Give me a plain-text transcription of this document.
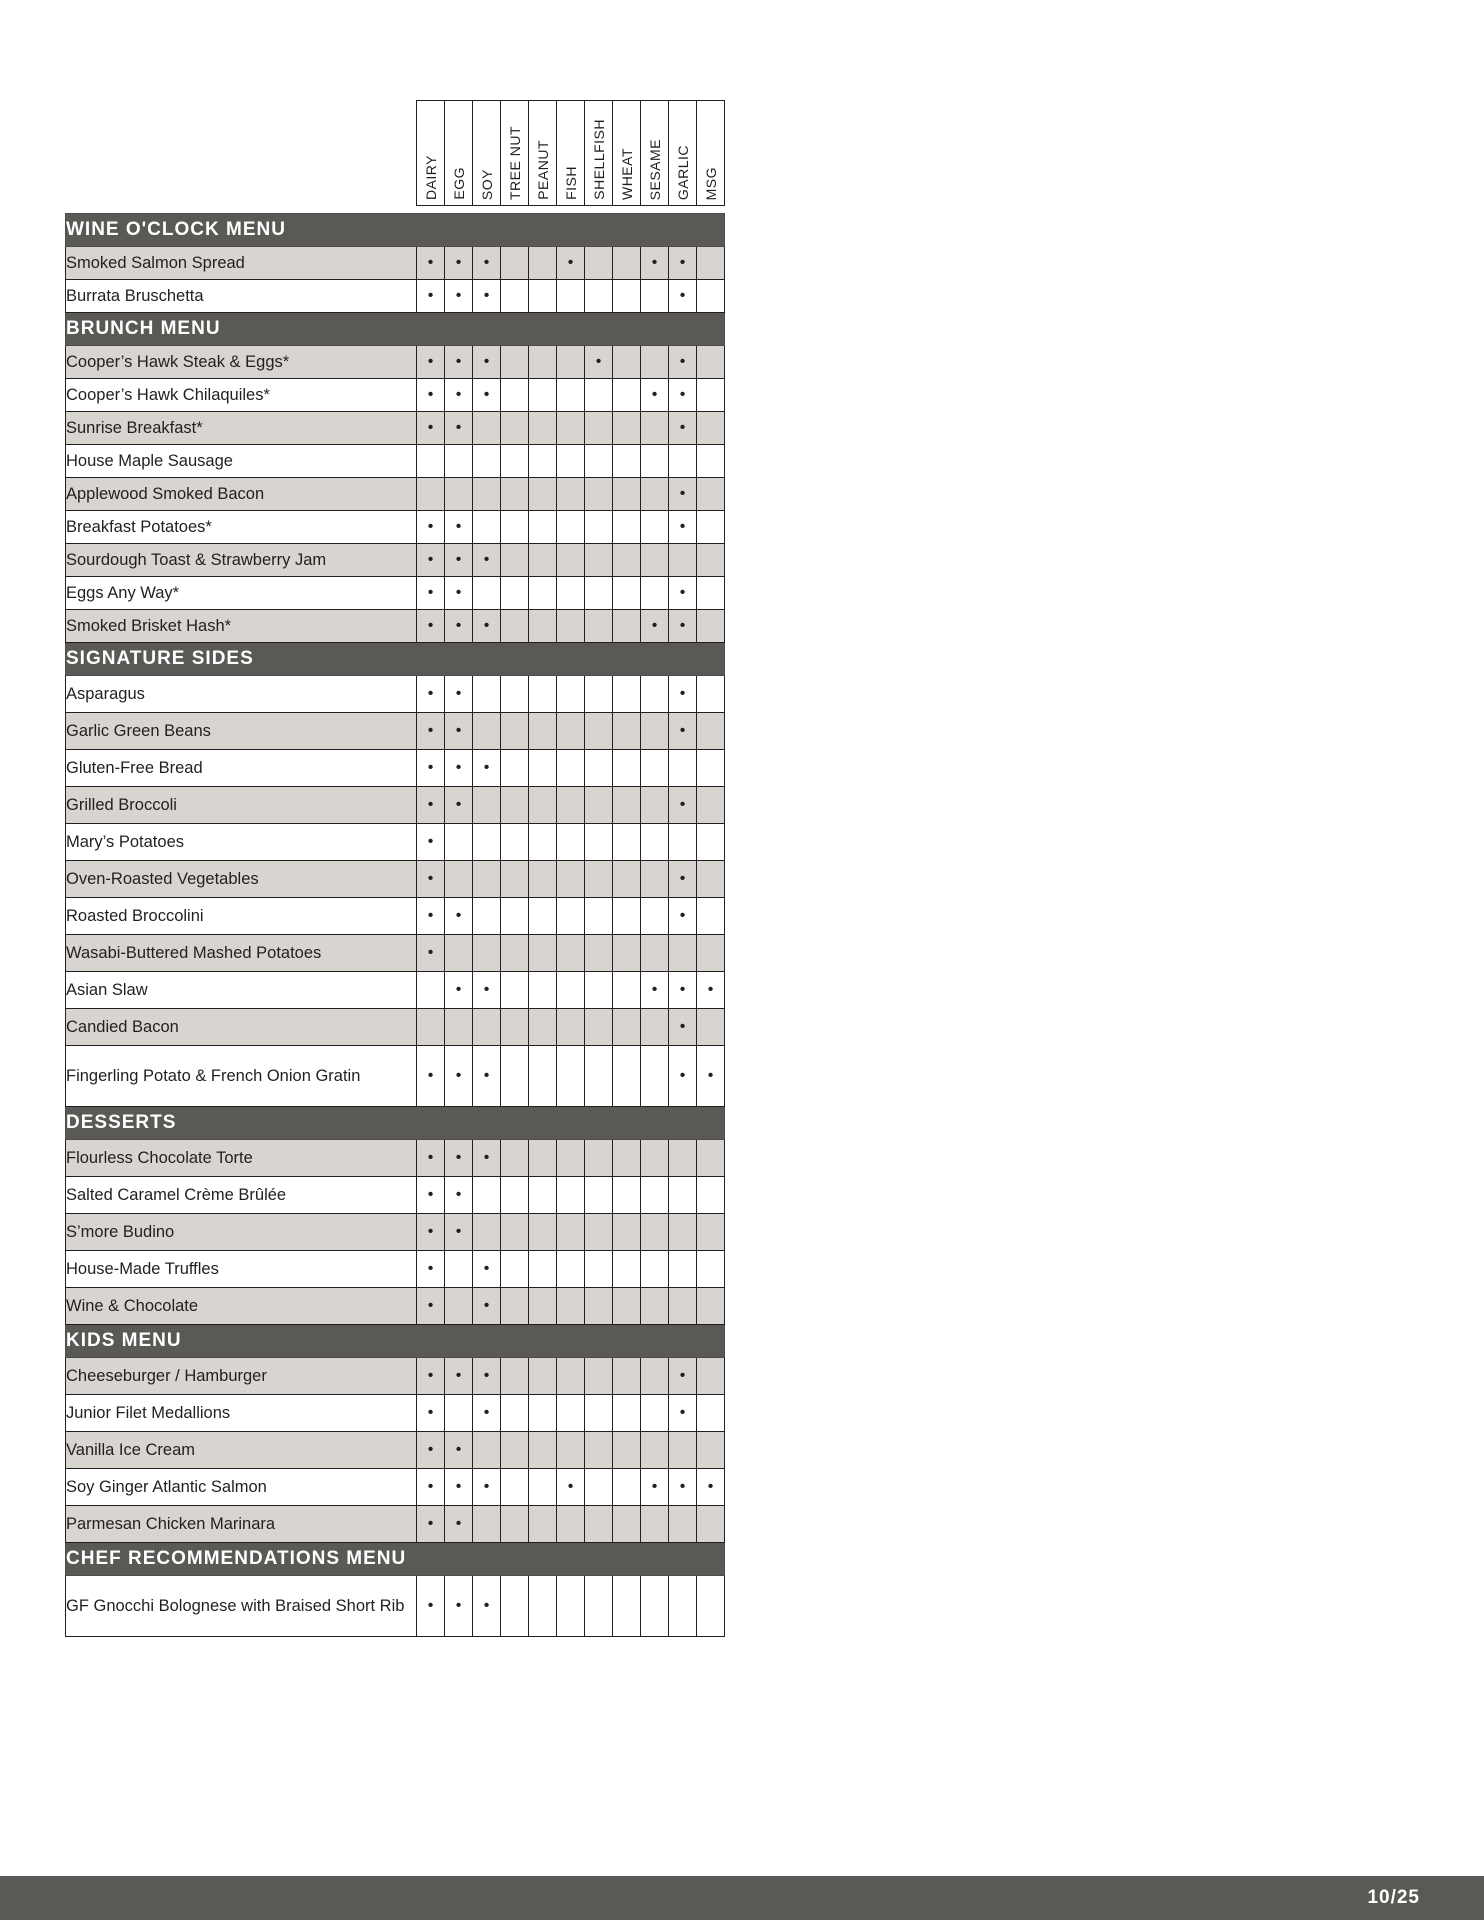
	DAIRY	EGG	SOY	TREE NUT	PEANUT	FISH	SHELLFISH	WHEAT	SESAME	GARLIC	MSG

WINE O'CLOCK MENU											
Smoked Salmon Spread	•	•	•			•			•	•	
Burrata Bruschetta	•	•	•							•	
BRUNCH MENU											
Cooper’s Hawk Steak & Eggs*	•	•	•				•			•	
Cooper’s Hawk Chilaquiles*	•	•	•						•	•	
Sunrise Breakfast*	•	•								•	
House Maple Sausage											
Applewood Smoked Bacon										•	
Breakfast Potatoes*	•	•								•	
Sourdough Toast & Strawberry Jam	•	•	•								
Eggs Any Way*	•	•								•	
Smoked Brisket Hash*	•	•	•						•	•	
SIGNATURE SIDES											
Asparagus	•	•								•	
Garlic Green Beans	•	•								•	
Gluten-Free Bread	•	•	•								
Grilled Broccoli	•	•								•	
Mary’s Potatoes	•										
Oven-Roasted Vegetables	•									•	
Roasted Broccolini	•	•								•	
Wasabi-Buttered Mashed Potatoes	•										
Asian Slaw		•	•						•	•	•
Candied Bacon										•	
Fingerling Potato & French Onion Gratin	•	•	•							•	•
DESSERTS											
Flourless Chocolate Torte	•	•	•								
Salted Caramel Crème Brûlée	•	•									
S’more Budino	•	•									
House-Made Truffles	•		•								
Wine & Chocolate	•		•								
KIDS MENU											
Cheeseburger / Hamburger	•	•	•							•	
Junior Filet Medallions	•		•							•	
Vanilla Ice Cream	•	•									
Soy Ginger Atlantic Salmon	•	•	•			•			•	•	•
Parmesan Chicken Marinara	•	•									
CHEF RECOMMENDATIONS MENU											
GF Gnocchi Bolognese with Braised Short Rib	•	•	•								
10/25
